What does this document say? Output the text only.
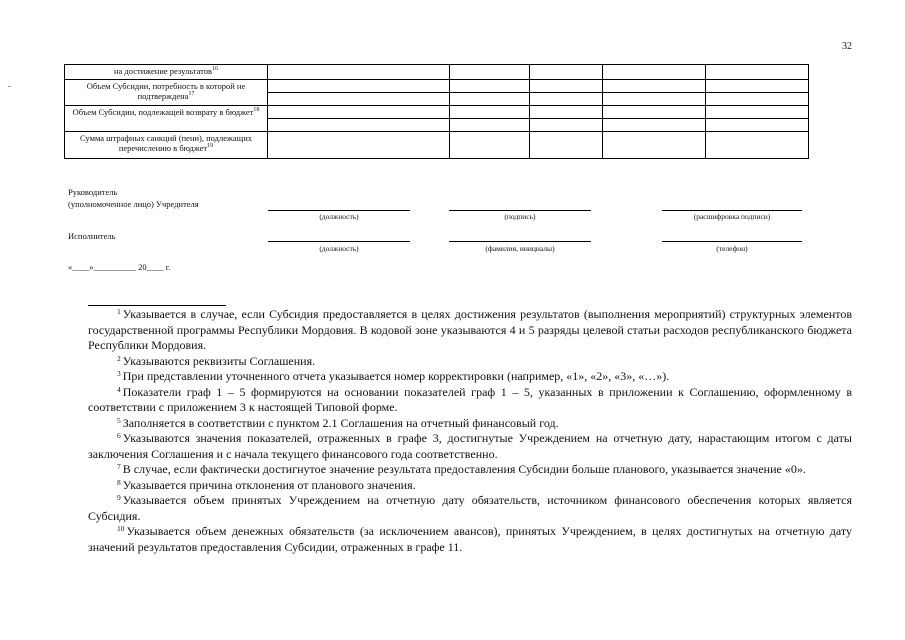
32
на достижение результатов$^{16}$					
Объем Субсидии, потребность в которой не подтверждена$^{17}$					

Объем Субсидии, подлежащей возврату в бюджет$^{18}$					

Сумма штрафных санкций (пени), подлежащих перечислению в бюджет$^{19}$					
Руководитель
(уполномоченное лицо) Учредителя
(должность)	(подпись)	(расшифровка подписи)
Исполнитель
(должность)	(фамилия, инициалы)	(телефон)
«____»__________ 20____ г.

$^1$ Указывается в случае, если Субсидия предоставляется в целях достижения результатов (выполнения мероприятий) структурных элементов государственной программы Республики Мордовия. В кодовой зоне указываются 4 и 5 разряды целевой статьи расходов республиканского бюджета Республики Мордовия.

$^2$ Указываются реквизиты Соглашения.

$^3$ При представлении уточненного отчета указывается номер корректировки (например, «1», «2», «3», «…»).

$^4$ Показатели граф 1 – 5 формируются на основании показателей граф 1 – 5, указанных в приложении к Соглашению, оформленному в соответствии с приложением 3 к настоящей Типовой форме.

$^5$ Заполняется в соответствии с пунктом 2.1 Соглашения на отчетный финансовый год.

$^6$ Указываются значения показателей, отраженных в графе 3, достигнутые Учреждением на отчетную дату, нарастающим итогом с даты заключения Соглашения и с начала текущего финансового года соответственно.

$^7$ В случае, если фактически достигнутое значение результата предоставления Субсидии больше планового, указывается значение «0».

$^8$ Указывается причина отклонения от планового значения.

$^9$ Указывается объем принятых Учреждением на отчетную дату обязательств, источником финансового обеспечения которых является Субсидия.

$^{10}$ Указывается объем денежных обязательств (за исключением авансов), принятых Учреждением, в целях достигнутых на отчетную дату значений результатов предоставления Субсидии, отраженных в графе 11.
